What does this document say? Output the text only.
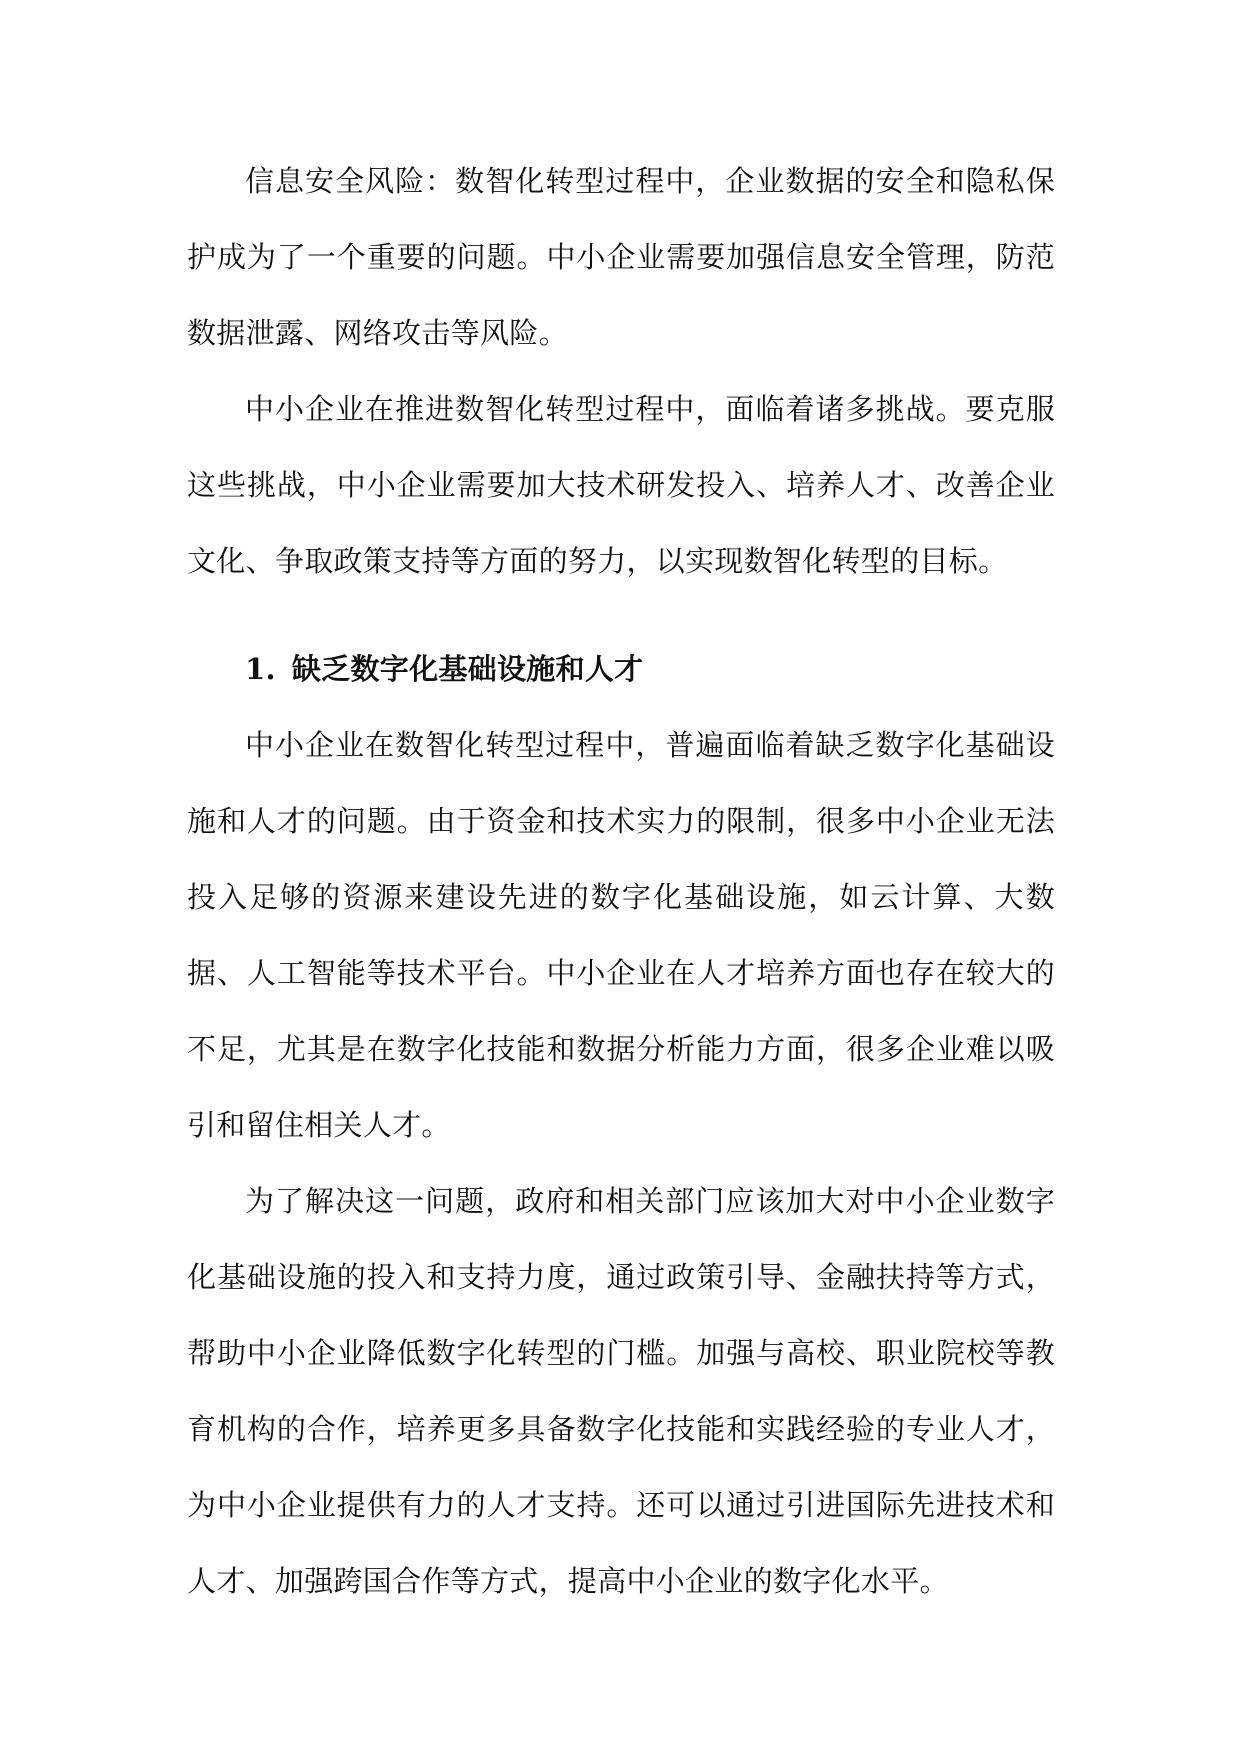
信息安全风险：数智化转型过程中，企业数据的安全和隐私保护成为了一个重要的问题。中小企业需要加强信息安全管理，防范数据泄露、网络攻击等风险。

中小企业在推进数智化转型过程中，面临着诸多挑战。要克服这些挑战，中小企业需要加大技术研发投入、培养人才、改善企业文化、争取政策支持等方面的努力，以实现数智化转型的目标。

1. 缺乏数字化基础设施和人才

中小企业在数智化转型过程中，普遍面临着缺乏数字化基础设施和人才的问题。由于资金和技术实力的限制，很多中小企业无法投入足够的资源来建设先进的数字化基础设施，如云计算、大数据、人工智能等技术平台。中小企业在人才培养方面也存在较大的不足，尤其是在数字化技能和数据分析能力方面，很多企业难以吸引和留住相关人才。

为了解决这一问题，政府和相关部门应该加大对中小企业数字化基础设施的投入和支持力度，通过政策引导、金融扶持等方式，帮助中小企业降低数字化转型的门槛。加强与高校、职业院校等教育机构的合作，培养更多具备数字化技能和实践经验的专业人才，为中小企业提供有力的人才支持。还可以通过引进国际先进技术和人才、加强跨国合作等方式，提高中小企业的数字化水平。
